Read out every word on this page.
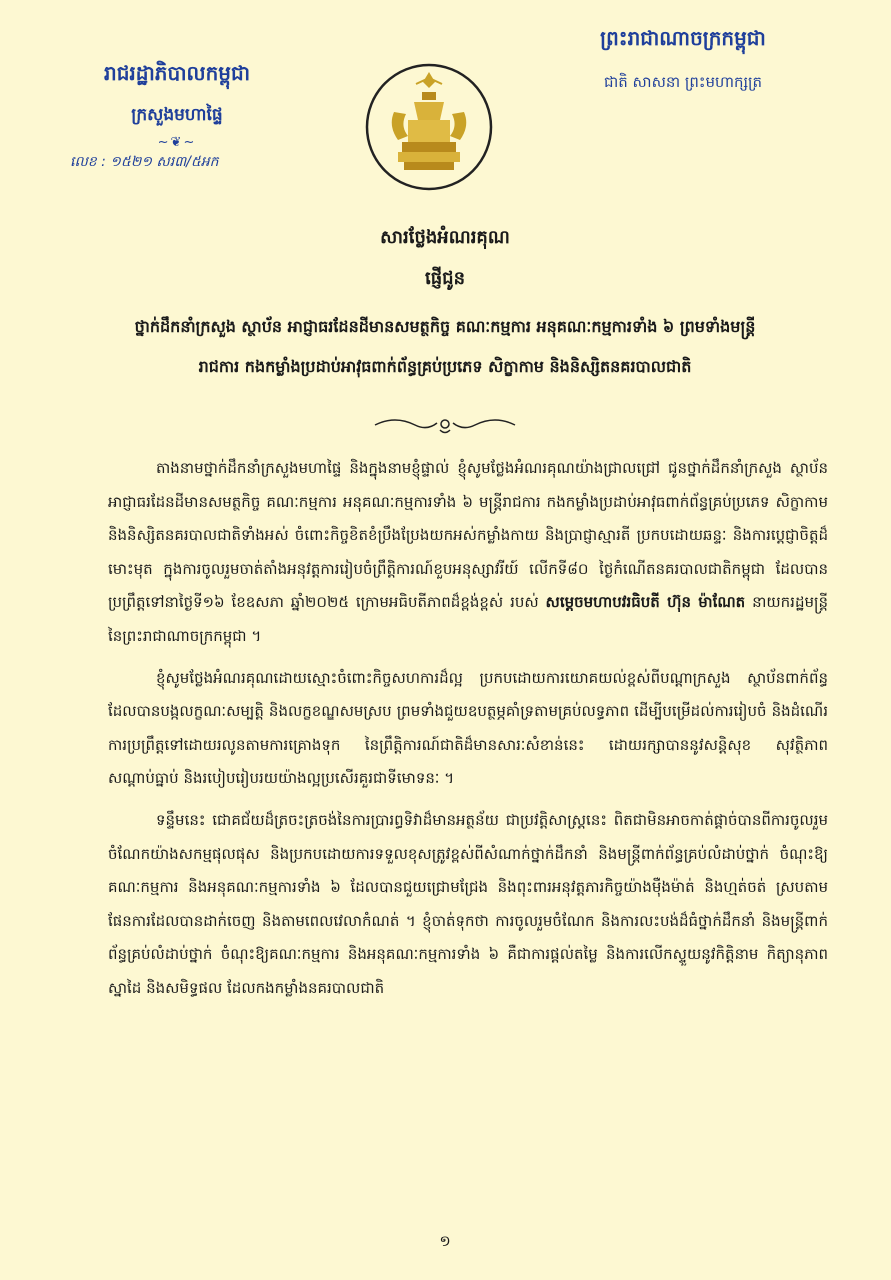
រាជរដ្ឋាភិបាលកម្ពុជា
ក្រសួងមហាផ្ទៃ
~❦~
លេខ : ១៥២១ សរ៣/៥អក
ព្រះរាជាណាចក្រកម្ពុជា
ជាតិ សាសនា ព្រះមហាក្សត្រ
សារថ្លែងអំណរគុណ
ផ្ញើជូន
ថ្នាក់ដឹកនាំក្រសួង ស្ថាប័ន អាជ្ញាធរដែនដីមានសមត្ថកិច្ច គណៈកម្មការ អនុគណៈកម្មការទាំង ៦ ព្រមទាំងមន្ត្រីរាជការ កងកម្លាំងប្រដាប់អាវុធពាក់ព័ន្ធគ្រប់ប្រភេទ សិក្ខាកាម និងនិស្សិតនគរបាលជាតិ

តាងនាមថ្នាក់ដឹកនាំក្រសួងមហាផ្ទៃ និងក្នុងនាមខ្ញុំផ្ទាល់ ខ្ញុំសូមថ្លែងអំណរគុណយ៉ាងជ្រាលជ្រៅ ជូនថ្នាក់ដឹកនាំក្រសួង ស្ថាប័ន អាជ្ញាធរដែនដីមានសមត្ថកិច្ច គណៈកម្មការ អនុគណៈកម្មការទាំង ៦ មន្ត្រីរាជការ កងកម្លាំងប្រដាប់អាវុធពាក់ព័ន្ធគ្រប់ប្រភេទ សិក្ខាកាម និងនិស្សិតនគរបាលជាតិទាំងអស់ ចំពោះកិច្ចខិតខំប្រឹងប្រែងយកអស់កម្លាំងកាយ និងប្រាជ្ញាស្មារតី ប្រកបដោយឆន្ទៈ និងការប្តេជ្ញាចិត្តដ៏មោះមុត ក្នុងការចូលរួមចាត់តាំងអនុវត្តការរៀបចំព្រឹត្តិការណ៍ខួបអនុស្សាវរីយ៍ លើកទី៨០ ថ្ងៃកំណើតនគរបាលជាតិកម្ពុជា ដែលបានប្រព្រឹត្តទៅនាថ្ងៃទី១៦ ខែឧសភា ឆ្នាំ២០២៥ ក្រោមអធិបតីភាពដ៏ខ្ពង់ខ្ពស់ របស់ សម្តេចមហាបវរធិបតី ហ៊ុន ម៉ាណែត នាយករដ្ឋមន្ត្រី នៃព្រះរាជាណាចក្រកម្ពុជា ។

ខ្ញុំសូមថ្លែងអំណរគុណដោយស្មោះចំពោះកិច្ចសហការដ៏ល្អ ប្រកបដោយការយោគយល់ខ្ពស់ពីបណ្តាក្រសួង ស្ថាប័នពាក់ព័ន្ធ ដែលបានបង្កលក្ខណៈសម្បត្តិ និងលក្ខខណ្ឌសមស្រប ព្រមទាំងជួយឧបត្ថម្ភគាំទ្រតាមគ្រប់លទ្ធភាព ដើម្បីបម្រើដល់ការរៀបចំ និងដំណើរការប្រព្រឹត្តទៅដោយរលូនតាមការគ្រោងទុក នៃព្រឹត្តិការណ៍ជាតិដ៏មានសារៈសំខាន់នេះ ដោយរក្សាបាននូវសន្តិសុខ សុវត្ថិភាព សណ្តាប់ធ្នាប់ និងរបៀបរៀបរយយ៉ាងល្អប្រសើរគួរជាទីមោទនៈ ។

ទន្ទឹមនេះ ជោគជ័យដ៏ត្រចះត្រចង់នៃការប្រារព្ធទិវាដ៏មានអត្ថន័យ ជាប្រវត្តិសាស្ត្រនេះ ពិតជាមិនអាចកាត់ផ្តាច់បានពីការចូលរួមចំណែកយ៉ាងសកម្មផុលផុស និងប្រកបដោយការទទួលខុសត្រូវខ្ពស់ពីសំណាក់ថ្នាក់ដឹកនាំ និងមន្ត្រីពាក់ព័ន្ធគ្រប់លំដាប់ថ្នាក់ ចំណុះឱ្យគណៈកម្មការ និងអនុគណៈកម្មការទាំង ៦ ដែលបានជួយជ្រោមជ្រែង និងពុះពារអនុវត្តភារកិច្ចយ៉ាងម៉ឺងម៉ាត់ និងហ្មត់ចត់ ស្របតាមផែនការដែលបានដាក់ចេញ និងតាមពេលវេលាកំណត់ ។ ខ្ញុំចាត់ទុកថា ការចូលរួមចំណែក និងការលះបង់ដ៏ធំថ្នាក់ដឹកនាំ និងមន្ត្រីពាក់ព័ន្ធគ្រប់លំដាប់ថ្នាក់ ចំណុះឱ្យគណៈកម្មការ និងអនុគណៈកម្មការទាំង ៦ គឺជាការផ្តល់តម្លៃ និងការលើកស្ទួយនូវកិត្តិនាម កិត្យានុភាព ស្នាដៃ និងសមិទ្ធផល ដែលកងកម្លាំងនគរបាលជាតិ

១
